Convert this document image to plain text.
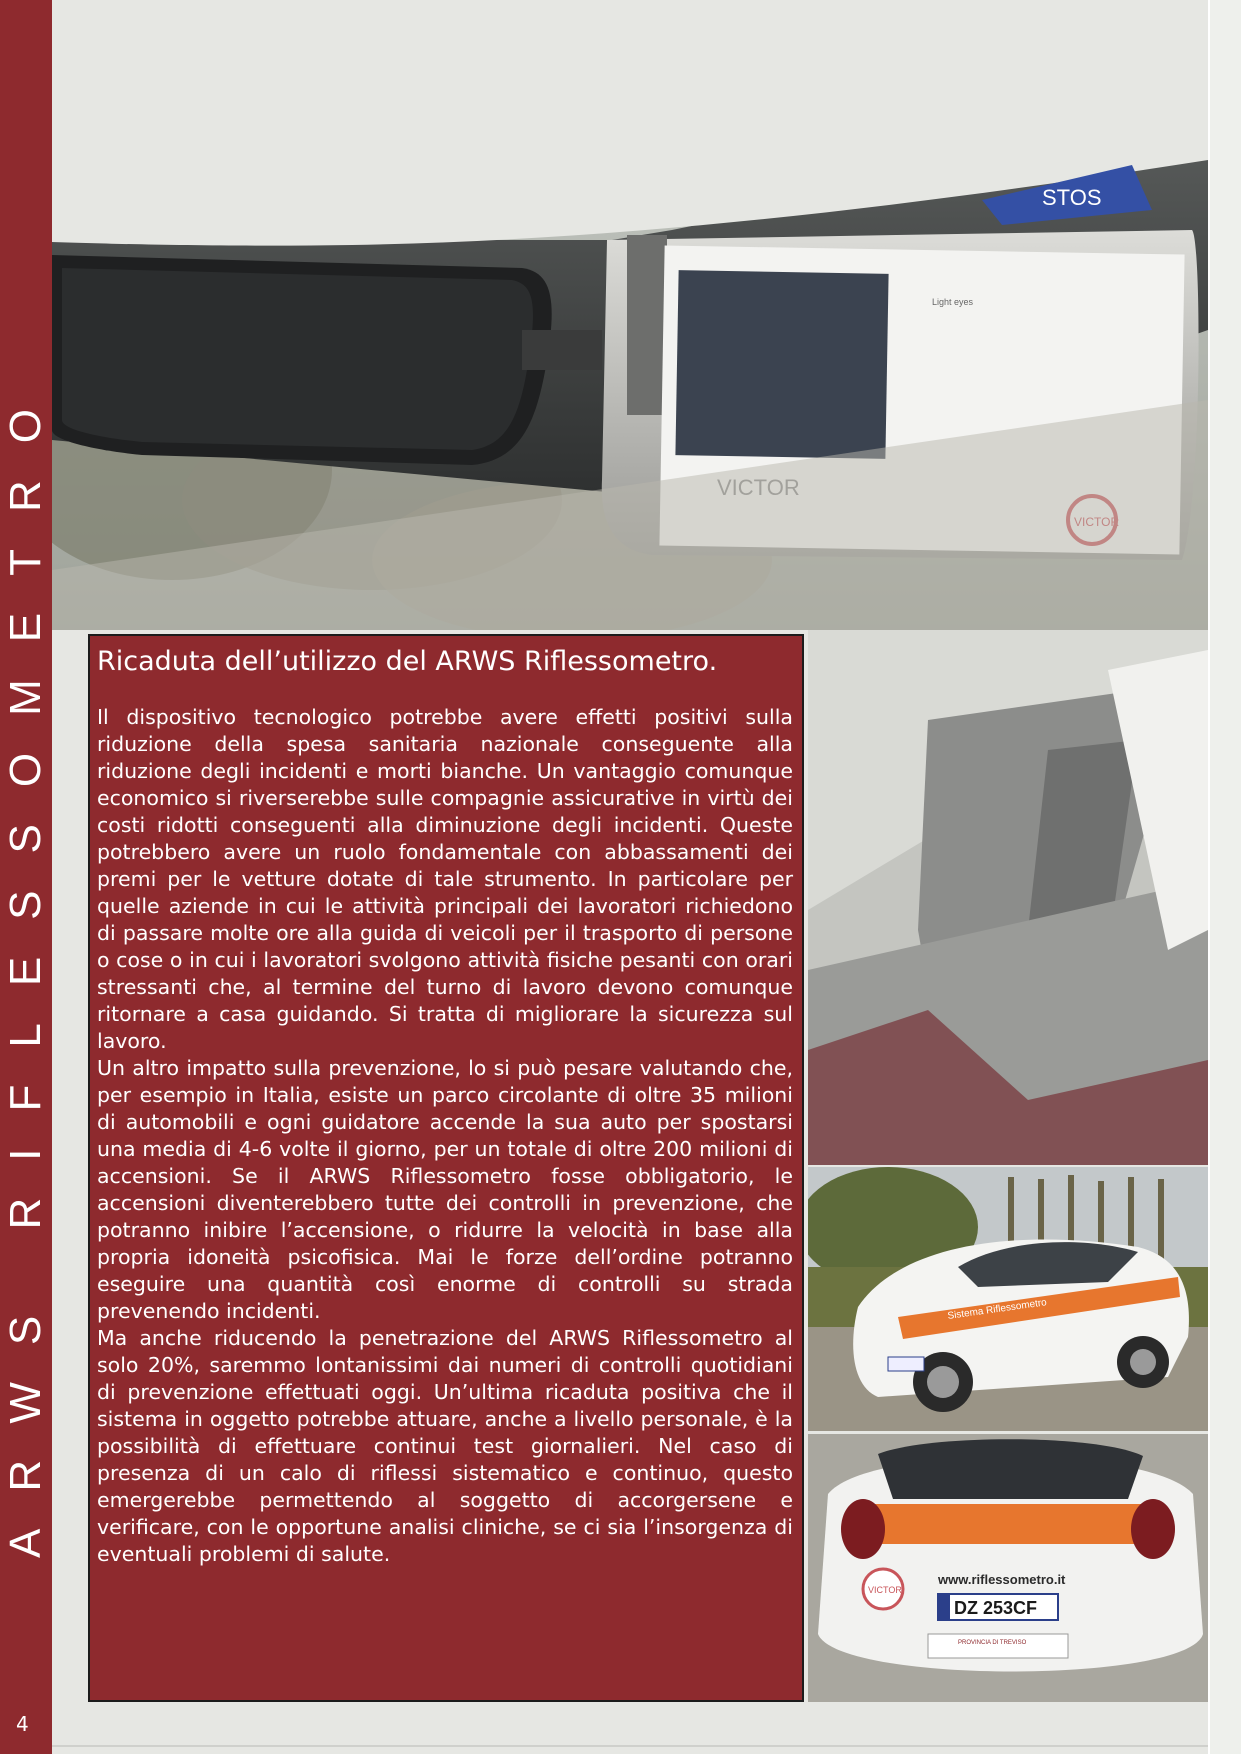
ARWS RIFLESSOMETRO
4
Light eyes
STOS
Sistema Riflessometro
www.riflessometro.it
DZ 253CF
PROVINCIA DI TREVISO
VICTOR
Ricaduta dell’utilizzo del ARWS Riflessometro.

Il dispositivo tecnologico potrebbe avere effetti positivi sulla riduzione della spesa sanitaria nazionale conseguente alla riduzione degli incidenti e morti bianche. Un vantaggio comunque economico si riverserebbe sulle compagnie assicurative in virtù dei costi ridotti conseguenti alla diminuzione degli incidenti. Queste potrebbero avere un ruolo fondamentale con abbassamenti dei premi per le vetture dotate di tale strumento. In particolare per quelle aziende in cui le attività principali dei lavoratori richiedono di passare molte ore alla guida di veicoli per il trasporto di persone o cose o in cui i lavoratori svolgono attività fisiche pesanti con orari stressanti che, al termine del turno di lavoro devono comunque ritornare a casa guidando. Si tratta di migliorare la sicurezza sul lavoro.

Un altro impatto sulla prevenzione, lo si può pesare valutando che, per esempio in Italia, esiste un parco circolante di oltre 35 milioni di automobili e ogni guidatore accende la sua auto per spostarsi una media di 4-6 volte il giorno, per un totale di oltre 200 milioni di accensioni. Se il ARWS Riflessometro fosse obbligatorio, le accensioni diventerebbero tutte dei controlli in prevenzione, che potranno inibire l’accensione, o ridurre la velocità in base alla propria idoneità psicofisica. Mai le forze dell’ordine potranno eseguire una quantità così enorme di controlli su strada prevenendo incidenti.

Ma anche riducendo la penetrazione del ARWS Riflessometro al solo 20%, saremmo lontanissimi dai numeri di controlli quotidiani di prevenzione effettuati oggi. Un’ultima ricaduta positiva che il sistema in oggetto potrebbe attuare, anche a livello personale, è la possibilità di effettuare continui test giornalieri. Nel caso di presenza di un calo di riflessi sistematico e continuo, questo emergerebbe permettendo al soggetto di accorgersene e verificare, con le opportune analisi cliniche, se ci sia l’insorgenza di eventuali problemi di salute.
